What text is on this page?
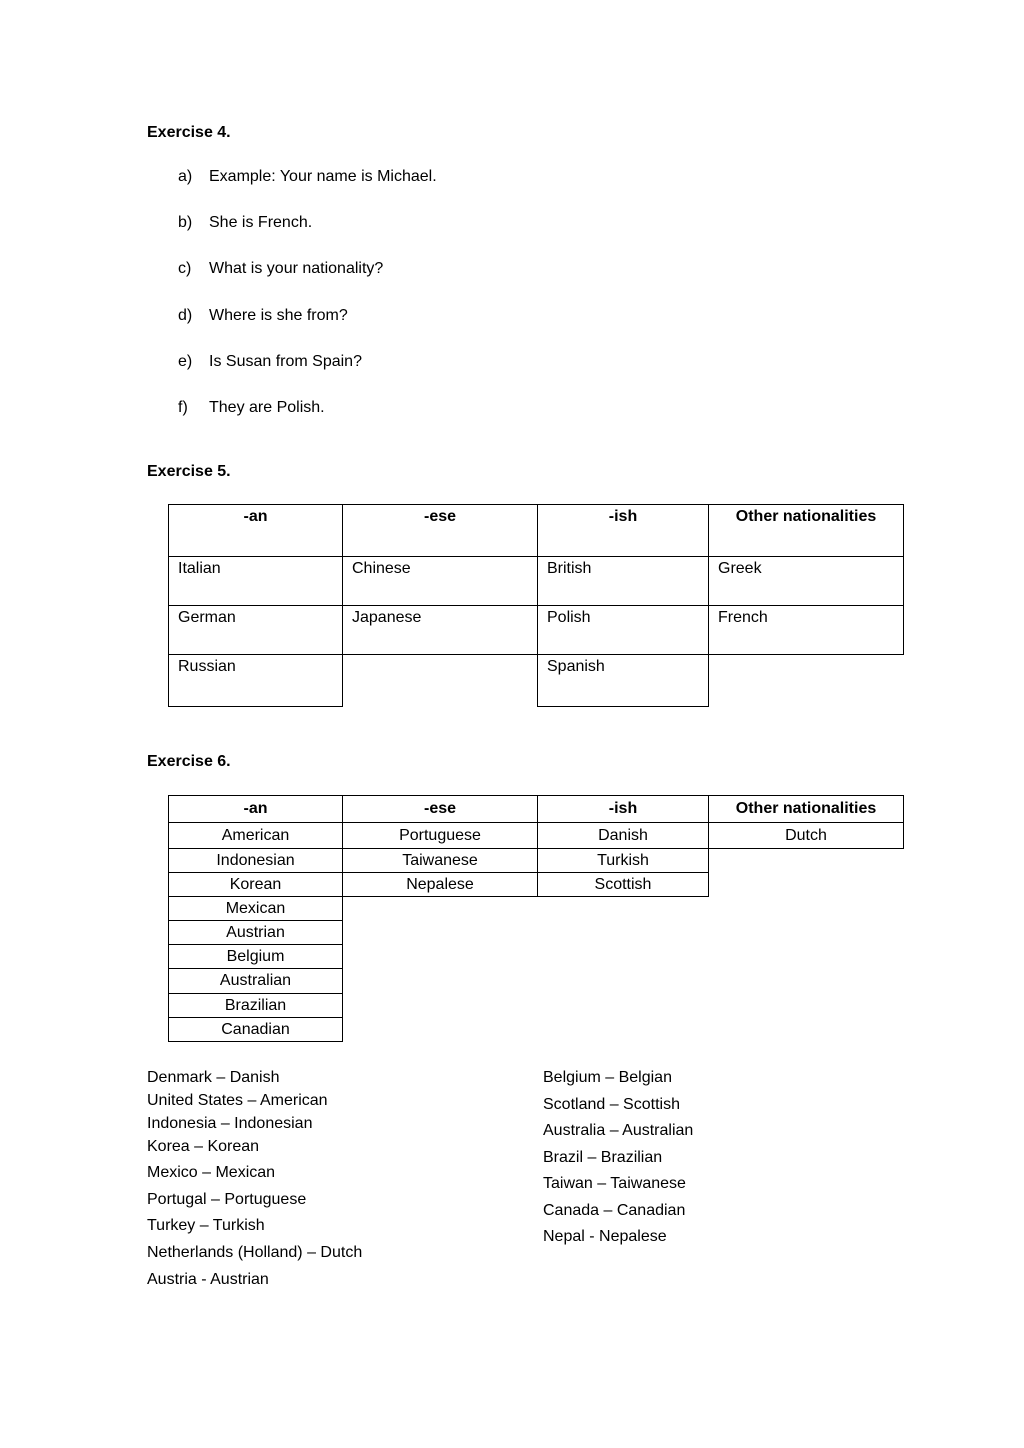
Exercise 4.
a)	Example: Your name is Michael.
b)	She is French.
c)	What is your nationality?
d)	Where is she from?
e)	Is Susan from Spain?
f)	They are Polish.
Exercise 5.
-an	-ese	-ish	Other nationalities
Italian	Chinese	British	Greek
German	Japanese	Polish	French
Russian		Spanish	
Exercise 6.
-an	-ese	-ish	Other nationalities
American	Portuguese	Danish	Dutch
Indonesian	Taiwanese	Turkish	
Korean	Nepalese	Scottish	
Mexican			
Austrian			
Belgium			
Australian			
Brazilian			
Canadian			
Denmark – Danish
United States – American
Indonesia – Indonesian
Korea – Korean
Mexico – Mexican
Portugal – Portuguese
Turkey – Turkish
Netherlands (Holland) – Dutch
Austria - Austrian
Belgium – Belgian
Scotland – Scottish
Australia – Australian
Brazil – Brazilian
Taiwan – Taiwanese
Canada – Canadian
Nepal - Nepalese
